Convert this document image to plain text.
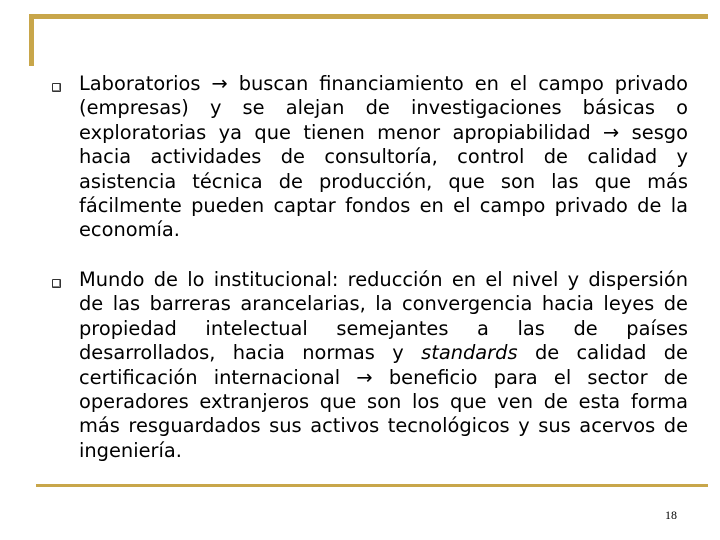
Laboratorios → buscan financiamiento en el campo privado (empresas) y se alejan de investigaciones básicas o exploratorias ya que tienen menor apropiabilidad → sesgo hacia actividades de consultoría, control de calidad y asistencia técnica de producción, que son las que más fácilmente pueden captar fondos en el campo privado de la economía.
Mundo de lo institucional: reducción en el nivel y dispersión de las barreras arancelarias, la convergencia hacia leyes de propiedad intelectual semejantes a las de países desarrollados, hacia normas y standards de calidad de certificación internacional → beneficio para el sector de operadores extranjeros que son los que ven de esta forma más resguardados sus activos tecnológicos y sus acervos de ingeniería.
18
